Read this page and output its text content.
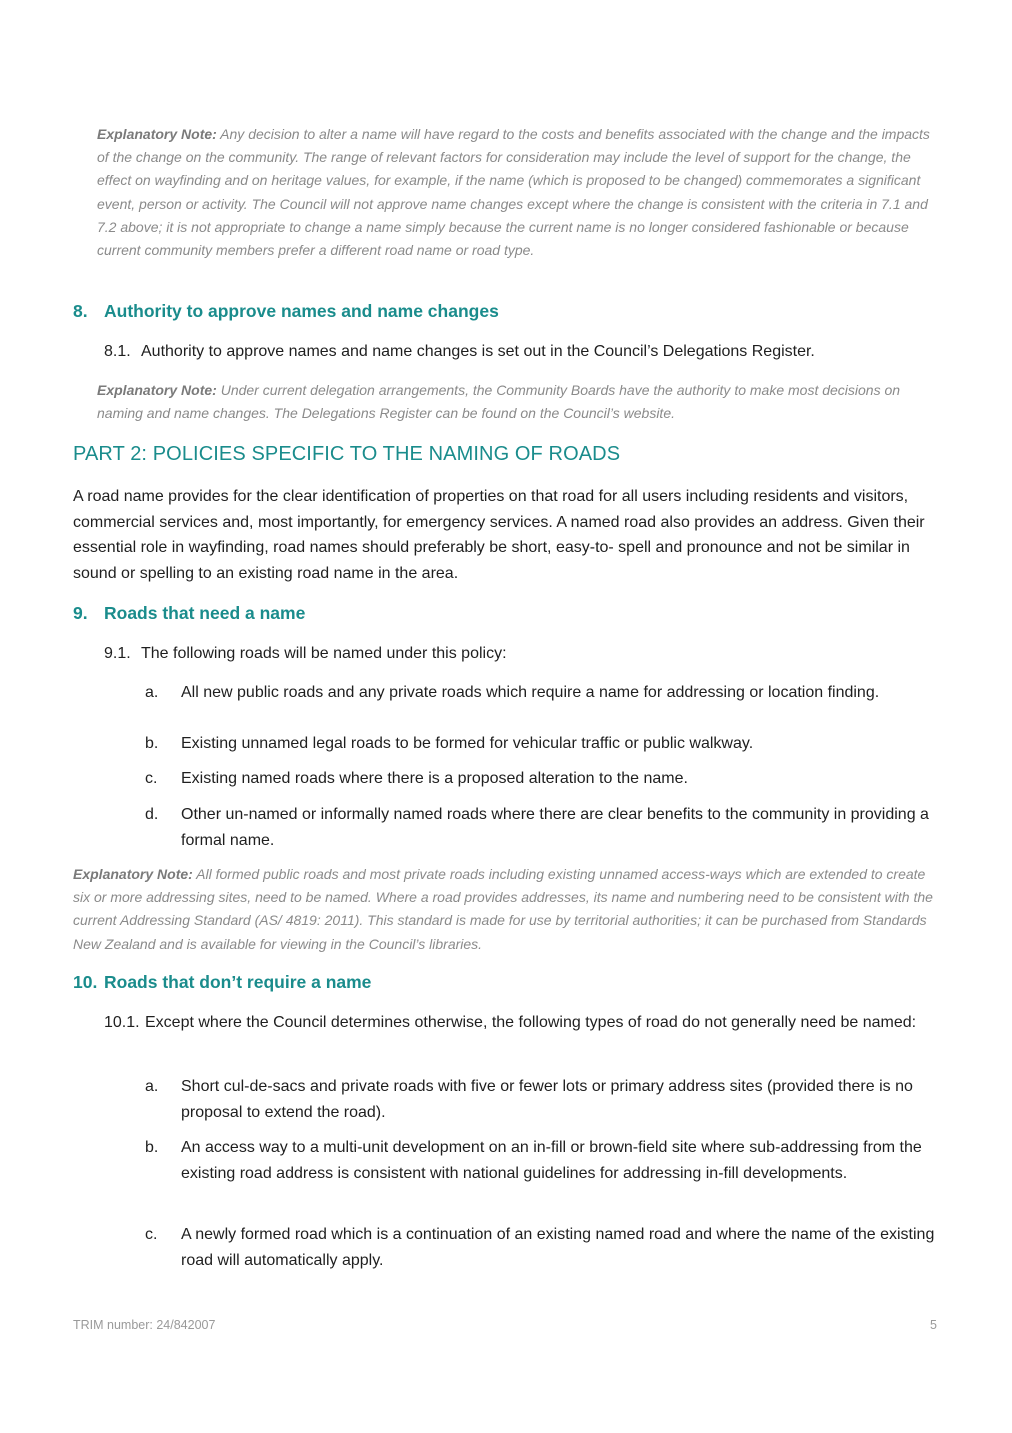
Explanatory Note: Any decision to alter a name will have regard to the costs and benefits associated with the change and the impacts of the change on the community. The range of relevant factors for consideration may include the level of support for the change, the effect on wayfinding and on heritage values, for example, if the name (which is proposed to be changed) commemorates a significant event, person or activity. The Council will not approve name changes except where the change is consistent with the criteria in 7.1 and 7.2 above; it is not appropriate to change a name simply because the current name is no longer considered fashionable or because current community members prefer a different road name or road type.

8. Authority to approve names and name changes

8.1. Authority to approve names and name changes is set out in the Council’s Delegations Register.

Explanatory Note: Under current delegation arrangements, the Community Boards have the authority to make most decisions on naming and name changes. The Delegations Register can be found on the Council’s website.

PART 2: POLICIES SPECIFIC TO THE NAMING OF ROADS

A road name provides for the clear identification of properties on that road for all users including residents and visitors, commercial services and, most importantly, for emergency services. A named road also provides an address. Given their essential role in wayfinding, road names should preferably be short, easy-to- spell and pronounce and not be similar in sound or spelling to an existing road name in the area.

9. Roads that need a name

9.1. The following roads will be named under this policy:

a.	All new public roads and any private roads which require a name for addressing or location finding.

b.	Existing unnamed legal roads to be formed for vehicular traffic or public walkway.

c.	Existing named roads where there is a proposed alteration to the name.

d.	Other un-named or informally named roads where there are clear benefits to the community in providing a formal name.

Explanatory Note: All formed public roads and most private roads including existing unnamed access-ways which are extended to create six or more addressing sites, need to be named. Where a road provides addresses, its name and numbering need to be consistent with the current Addressing Standard (AS/ 4819: 2011). This standard is made for use by territorial authorities; it can be purchased from Standards New Zealand and is available for viewing in the Council’s libraries.

10. Roads that don’t require a name

10.1. Except where the Council determines otherwise, the following types of road do not generally need be named:

a.	Short cul-de-sacs and private roads with five or fewer lots or primary address sites (provided there is no proposal to extend the road).

b.	An access way to a multi-unit development on an in-fill or brown-field site where sub-addressing from the existing road address is consistent with national guidelines for addressing in-fill developments.

c.	A newly formed road which is a continuation of an existing named road and where the name of the existing road will automatically apply.

TRIM number: 24/842007	5
